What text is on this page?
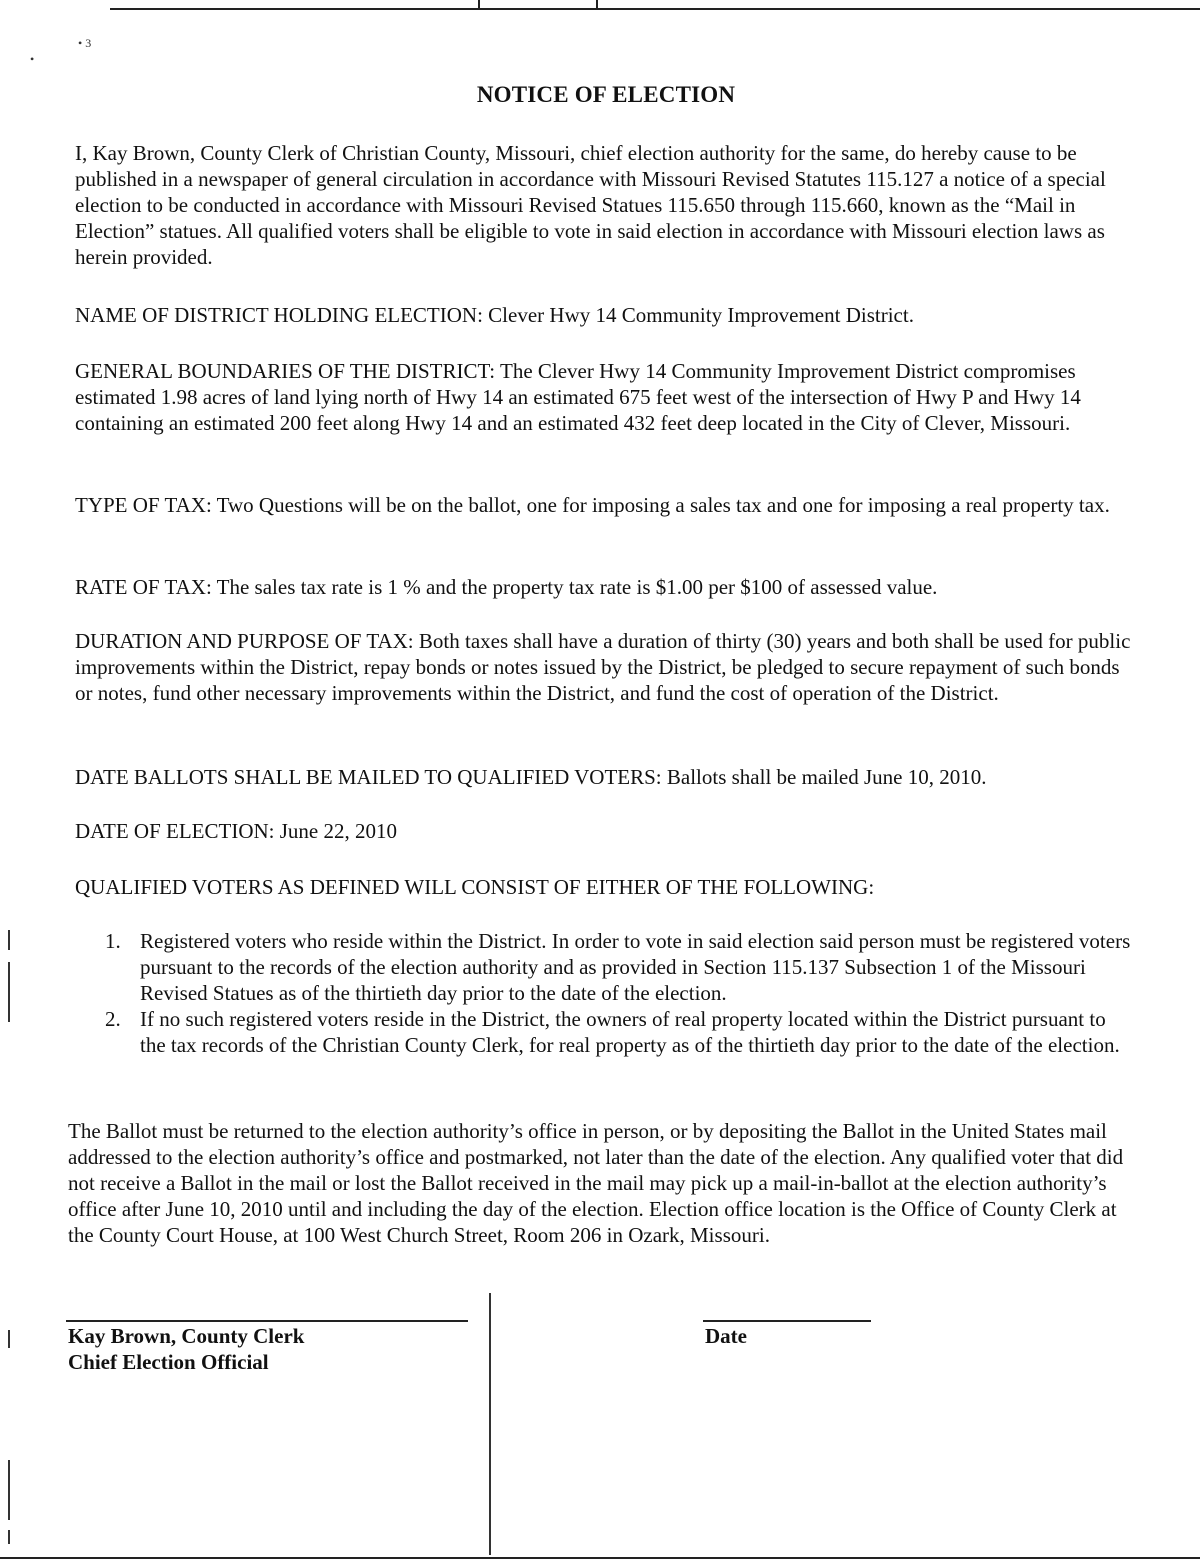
• 3
•
NOTICE OF ELECTION

I, Kay Brown, County Clerk of Christian County, Missouri, chief election authority for the same, do hereby cause to be published in a newspaper of general circulation in accordance with Missouri Revised Statutes 115.127 a notice of a special election to be conducted in accordance with Missouri Revised Statues 115.650 through 115.660, known as the “Mail in Election” statues. All qualified voters shall be eligible to vote in said election in accordance with Missouri election laws as herein provided.

NAME OF DISTRICT HOLDING ELECTION: Clever Hwy 14 Community Improvement District.

GENERAL BOUNDARIES OF THE DISTRICT: The Clever Hwy 14 Community Improvement District compromises estimated 1.98 acres of land lying north of Hwy 14 an estimated 675 feet west of the intersection of Hwy P and Hwy 14 containing an estimated 200 feet along Hwy 14 and an estimated 432 feet deep located in the City of Clever, Missouri.

TYPE OF TAX: Two Questions will be on the ballot, one for imposing a sales tax and one for imposing a real property tax.

RATE OF TAX: The sales tax rate is 1 % and the property tax rate is $1.00 per $100 of assessed value.

DURATION AND PURPOSE OF TAX: Both taxes shall have a duration of thirty (30) years and both shall be used for public improvements within the District, repay bonds or notes issued by the District, be pledged to secure repayment of such bonds or notes, fund other necessary improvements within the District, and fund the cost of operation of the District.

DATE BALLOTS SHALL BE MAILED TO QUALIFIED VOTERS: Ballots shall be mailed June 10, 2010.

DATE OF ELECTION: June 22, 2010

QUALIFIED VOTERS AS DEFINED WILL CONSIST OF EITHER OF THE FOLLOWING:

1. Registered voters who reside within the District. In order to vote in said election said person must be registered voters pursuant to the records of the election authority and as provided in Section 115.137 Subsection 1 of the Missouri Revised Statues as of the thirtieth day prior to the date of the election.
2. If no such registered voters reside in the District, the owners of real property located within the District pursuant to the tax records of the Christian County Clerk, for real property as of the thirtieth day prior to the date of the election.

The Ballot must be returned to the election authority’s office in person, or by depositing the Ballot in the United States mail addressed to the election authority’s office and postmarked, not later than the date of the election. Any qualified voter that did not receive a Ballot in the mail or lost the Ballot received in the mail may pick up a mail-in-ballot at the election authority’s office after June 10, 2010 until and including the day of the election. Election office location is the Office of County Clerk at the County Court House, at 100 West Church Street, Room 206 in Ozark, Missouri.

Kay Brown, County Clerk
Chief Election Official
Date
